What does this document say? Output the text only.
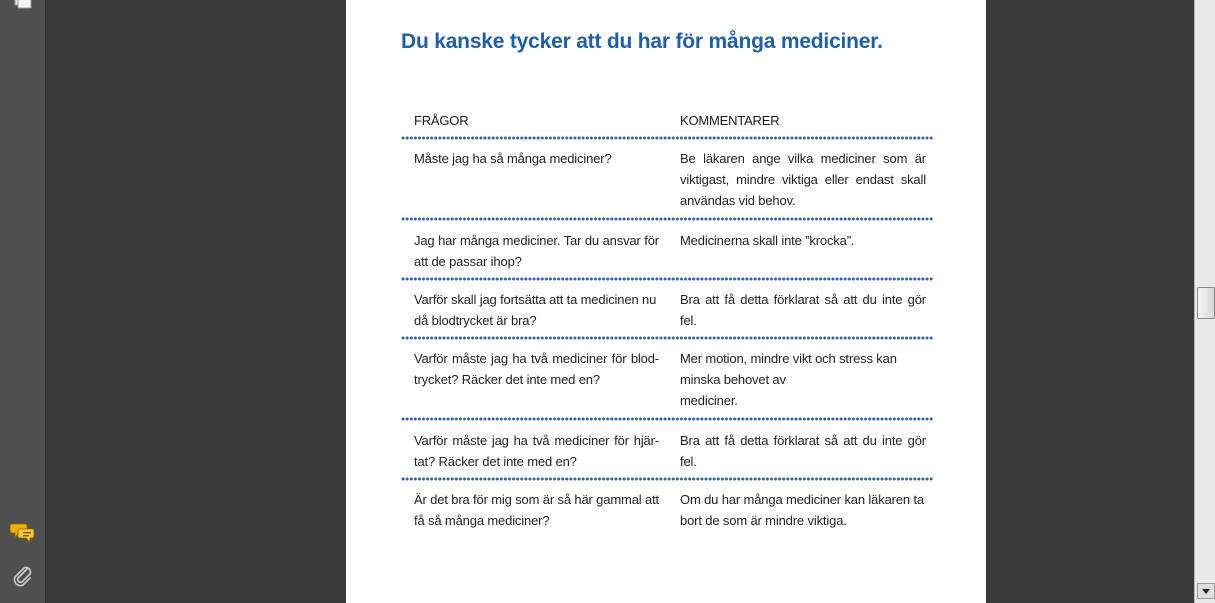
Du kanske tycker att du har för många mediciner.
FRÅGOR	KOMMENTARER
Måste jag ha så många mediciner?	Be läkaren ange vilka mediciner som är viktigast, mindre viktiga eller endast skall användas vid behov.
Jag har många mediciner. Tar du ansvar för att de passar ihop?
Medicinerna skall inte ”krocka”.
Varför skall jag fortsätta att ta medicinen nu då blodtrycket är bra?
Bra att få detta förklarat så att du inte gör fel.
Varför måste jag ha två mediciner för blod-trycket? Räcker det inte med en?
Mer motion, mindre vikt och stress kan minska behovet av
mediciner.
Varför måste jag ha två mediciner för hjär-tat? Räcker det inte med en?
Bra att få detta förklarat så att du inte gör fel.
Är det bra för mig som är så här gammal att få så många mediciner?
Om du har många mediciner kan läkaren ta bort de som är mindre viktiga.
